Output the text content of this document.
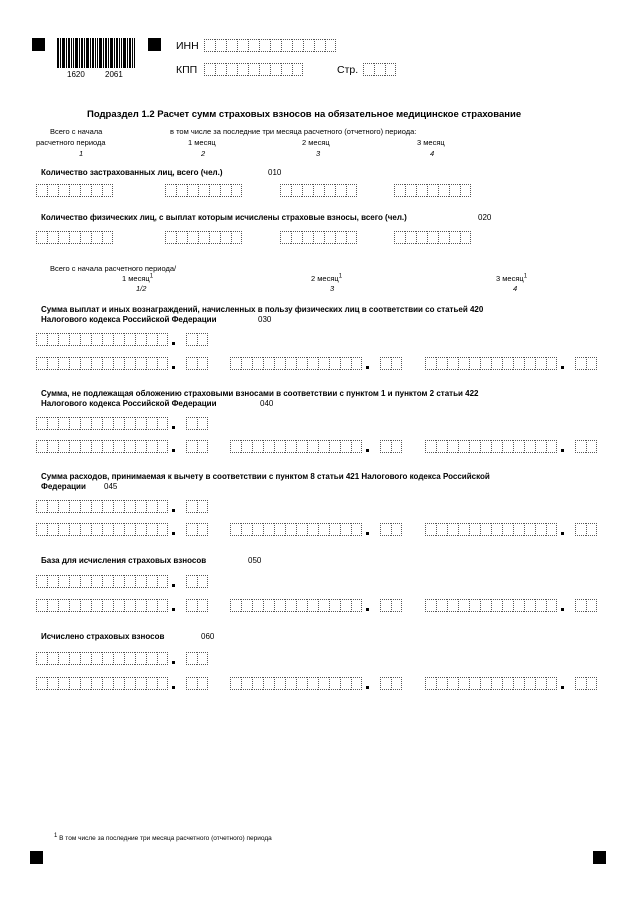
1620	2061
ИНН
КПП	Стр.
Подраздел 1.2 Расчет сумм страховых взносов на обязательное медицинское страхование
Всего с начала
расчетного периода
в том числе за последние три месяца расчетного (отчетного) периода:
1 месяц	2 месяц	3 месяц
1	2	3	4
Количество застрахованных лиц, всего (чел.)	010
Количество физических лиц, с выплат которым исчислены страховые взносы, всего (чел.)	020
Всего с начала расчетного периода/
1 месяц$^1$	2 месяц$^1$	3 месяц$^1$
1/2	3	4
Сумма выплат и иных вознаграждений, начисленных в пользу физических лиц в соответствии со статьей 420
Налогового кодекса Российской Федерации	030
Сумма, не подлежащая обложению страховыми взносами в соответствии с пунктом 1 и пунктом 2 статьи 422
Налогового кодекса Российской Федерации	040
Сумма расходов, принимаемая к вычету в соответствии с пунктом 8 статьи 421 Налогового кодекса Российской
Федерации 045
База для исчисления страховых взносов	050
Исчислено страховых взносов	060
$^1$ В том числе за последние три месяца расчетного (отчетного) периода
